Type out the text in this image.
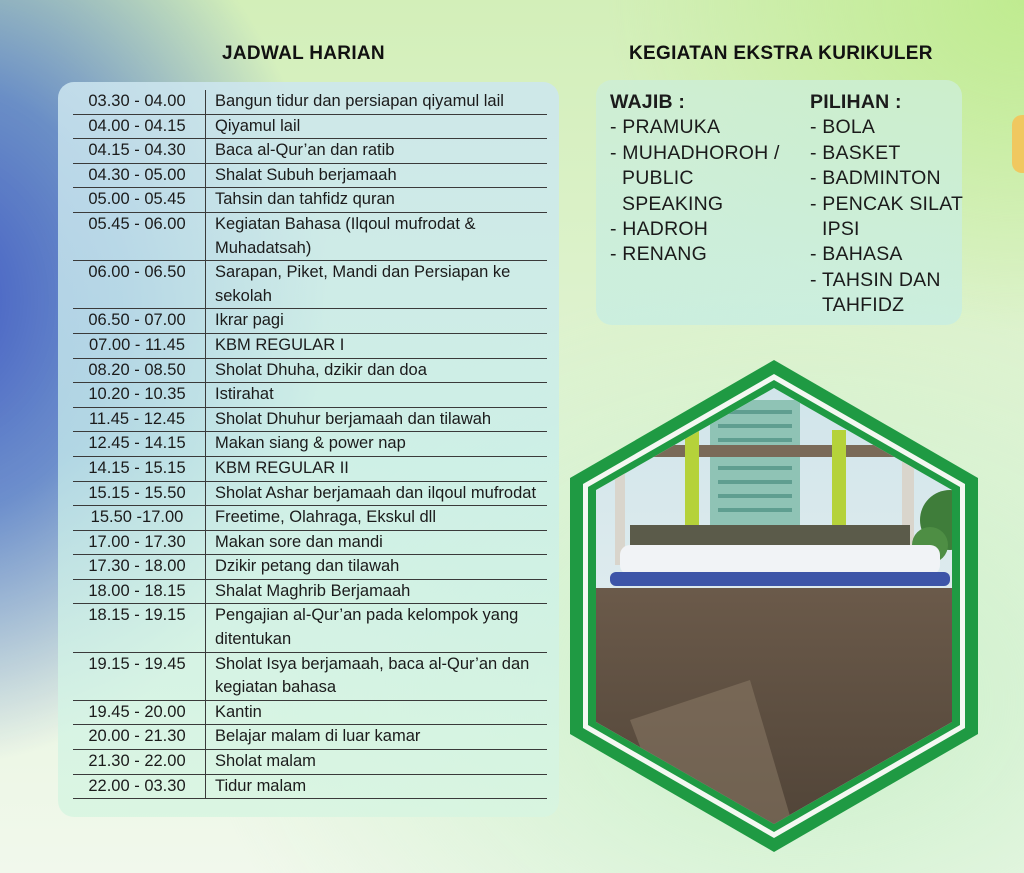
JADWAL HARIAN	KEGIATAN EKSTRA KURIKULER
03.30 - 04.00	Bangun tidur dan persiapan qiyamul lail
04.00 - 04.15	Qiyamul lail
04.15 - 04.30	Baca al-Qur’an dan ratib
04.30 - 05.00	Shalat Subuh berjamaah
05.00 - 05.45	Tahsin dan tahfidz quran
05.45 - 06.00	Kegiatan Bahasa (Ilqoul mufrodat & Muhadatsah)
06.00 - 06.50	Sarapan, Piket, Mandi dan Persiapan ke sekolah
06.50 - 07.00	Ikrar pagi
07.00 - 11.45	KBM REGULAR I
08.20 - 08.50	Sholat Dhuha, dzikir dan doa
10.20 - 10.35	Istirahat
11.45 - 12.45	Sholat Dhuhur berjamaah dan tilawah
12.45 - 14.15	Makan siang & power nap
14.15 - 15.15	KBM REGULAR II
15.15 - 15.50	Sholat Ashar berjamaah dan ilqoul mufrodat
15.50 -17.00	Freetime, Olahraga, Ekskul dll
17.00 - 17.30	Makan sore dan mandi
17.30 - 18.00	Dzikir petang dan tilawah
18.00 - 18.15	Shalat Maghrib Berjamaah
18.15 - 19.15	Pengajian al-Qur’an pada kelompok yang ditentukan
19.15 - 19.45	Sholat Isya berjamaah, baca al-Qur’an dan kegiatan bahasa
19.45 - 20.00	Kantin
20.00 - 21.30	Belajar malam di luar kamar
21.30 - 22.00	Sholat malam
22.00 - 03.30	Tidur malam
WAJIB :
- PRAMUKA
- MUHADHOROH / PUBLIC SPEAKING
- HADROH
- RENANG
PILIHAN :
- BOLA
- BASKET
- BADMINTON
- PENCAK SILAT IPSI
- BAHASA
- TAHSIN DAN TAHFIDZ
